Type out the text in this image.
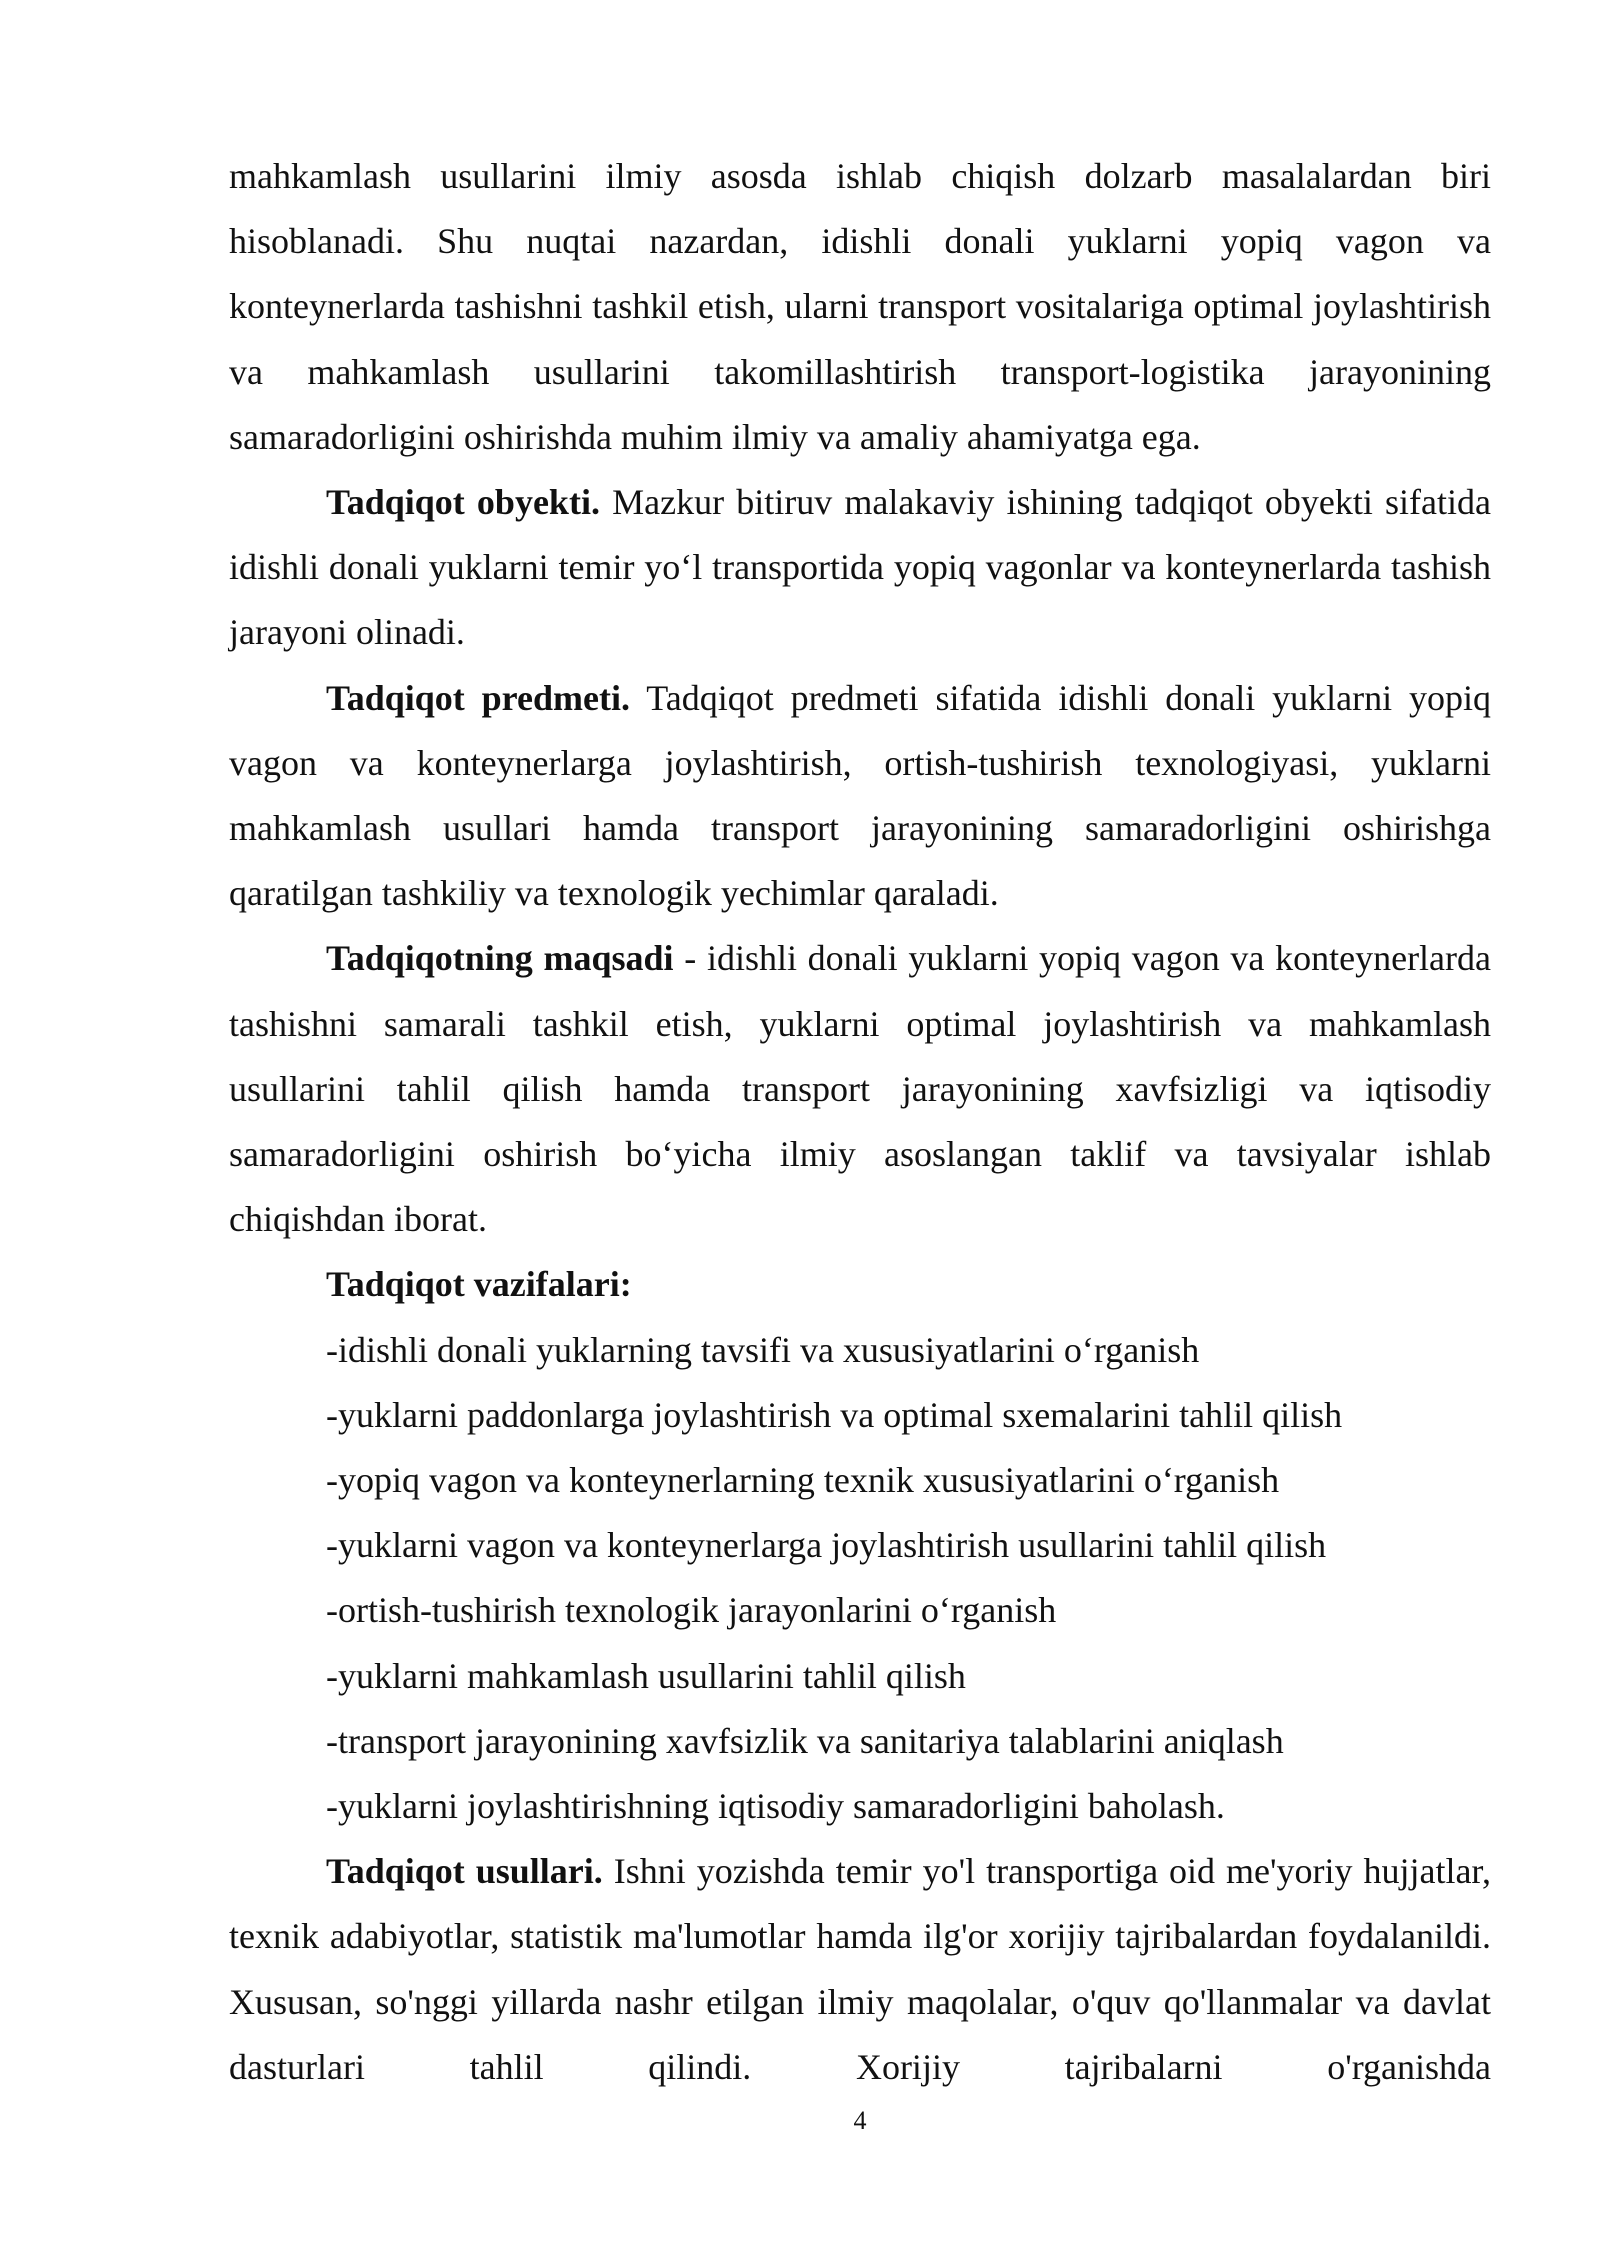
mahkamlash usullarini ilmiy asosda ishlab chiqish dolzarb masalalardan biri hisoblanadi. Shu nuqtai nazardan, idishli donali yuklarni yopiq vagon va konteynerlarda tashishni tashkil etish, ularni transport vositalariga optimal joylashtirish va mahkamlash usullarini takomillashtirish transport-logistika jarayonining samaradorligini oshirishda muhim ilmiy va amaliy ahamiyatga ega.

Tadqiqot obyekti. Mazkur bitiruv malakaviy ishining tadqiqot obyekti sifatida idishli donali yuklarni temir yo‘l transportida yopiq vagonlar va konteynerlarda tashish jarayoni olinadi.

Tadqiqot predmeti. Tadqiqot predmeti sifatida idishli donali yuklarni yopiq vagon va konteynerlarga joylashtirish, ortish-tushirish texnologiyasi, yuklarni mahkamlash usullari hamda transport jarayonining samaradorligini oshirishga qaratilgan tashkiliy va texnologik yechimlar qaraladi.

Tadqiqotning maqsadi - idishli donali yuklarni yopiq vagon va konteynerlarda tashishni samarali tashkil etish, yuklarni optimal joylashtirish va mahkamlash usullarini tahlil qilish hamda transport jarayonining xavfsizligi va iqtisodiy samaradorligini oshirish bo‘yicha ilmiy asoslangan taklif va tavsiyalar ishlab chiqishdan iborat.

Tadqiqot vazifalari:

-idishli donali yuklarning tavsifi va xususiyatlarini o‘rganish

-yuklarni paddonlarga joylashtirish va optimal sxemalarini tahlil qilish

-yopiq vagon va konteynerlarning texnik xususiyatlarini o‘rganish

-yuklarni vagon va konteynerlarga joylashtirish usullarini tahlil qilish

-ortish-tushirish texnologik jarayonlarini o‘rganish

-yuklarni mahkamlash usullarini tahlil qilish

-transport jarayonining xavfsizlik va sanitariya talablarini aniqlash

-yuklarni joylashtirishning iqtisodiy samaradorligini baholash.

Tadqiqot usullari. Ishni yozishda temir yo'l transportiga oid me'yoriy hujjatlar, texnik adabiyotlar, statistik ma'lumotlar hamda ilg'or xorijiy tajribalardan foydalanildi. Xususan, so'nggi yillarda nashr etilgan ilmiy maqolalar, o'quv qo'llanmalar va davlat dasturlari tahlil qilindi. Xorijiy tajribalarni o'rganishda

4
